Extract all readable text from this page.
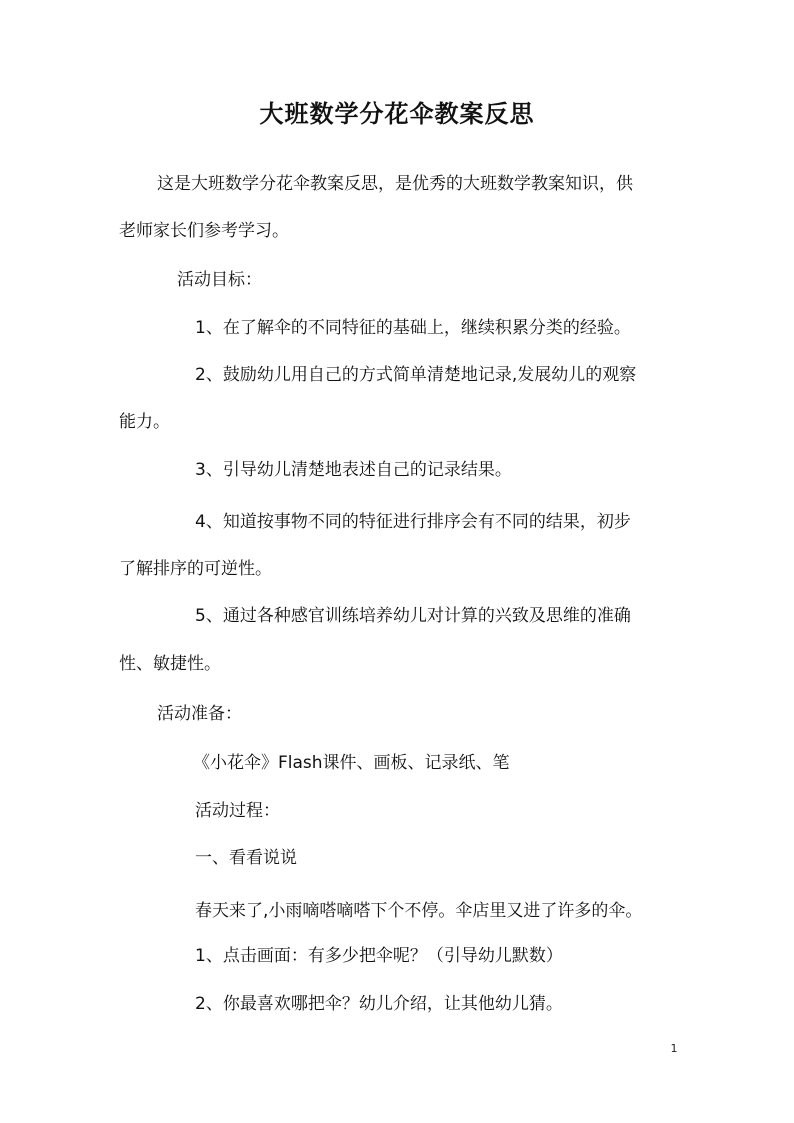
大班数学分花伞教案反思
这是大班数学分花伞教案反思，是优秀的大班数学教案知识，供
老师家长们参考学习。
活动目标：
1、在了解伞的不同特征的基础上，继续积累分类的经验。
2、鼓励幼儿用自己的方式简单清楚地记录,发展幼儿的观察
能力。
3、引导幼儿清楚地表述自己的记录结果。
4、知道按事物不同的特征进行排序会有不同的结果，初步
了解排序的可逆性。
5、通过各种感官训练培养幼儿对计算的兴致及思维的准确
性、敏捷性。
活动准备：
《小花伞》Flash课件、画板、记录纸、笔
活动过程：
一、看看说说
春天来了,小雨嘀嗒嘀嗒下个不停。伞店里又进了许多的伞。
1、点击画面：有多少把伞呢？（引导幼儿默数）
2、你最喜欢哪把伞？幼儿介绍，让其他幼儿猜。
1
